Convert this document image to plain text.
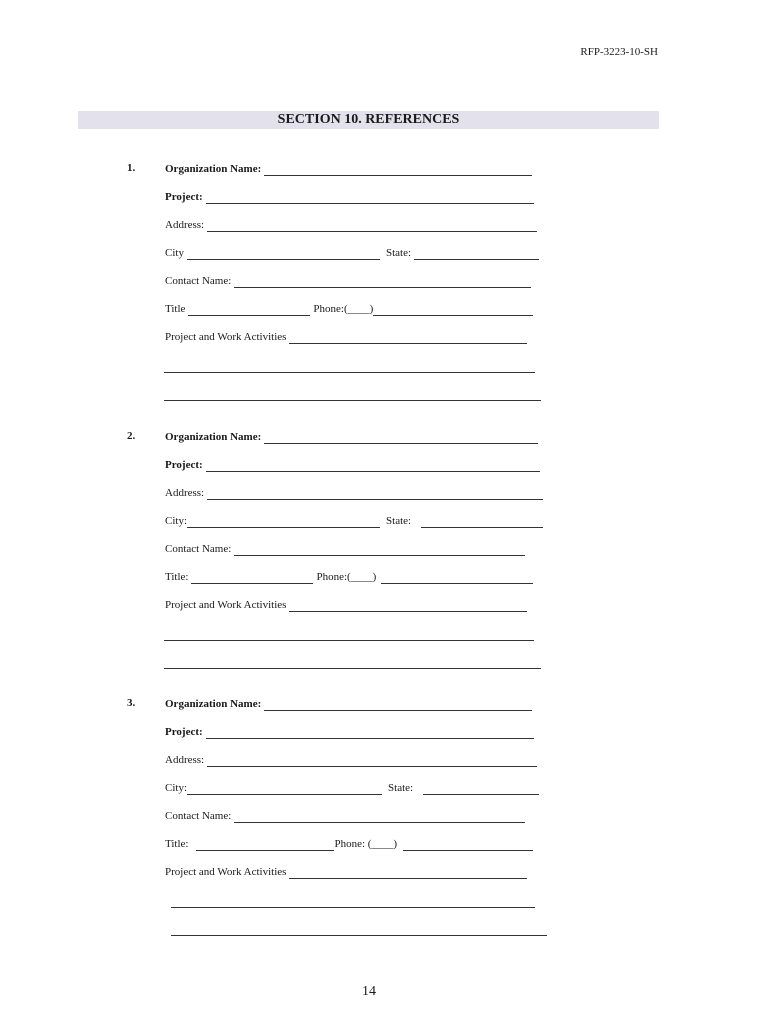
RFP-3223-10-SH
SECTION 10. REFERENCES
1.	Organization Name:
Project:
Address:
City	State:
Contact Name:
Title	Phone:(____)
Project and Work Activities
2.	Organization Name:
Project:
Address:
City:	State:
Contact Name:
Title:	Phone:(____)
Project and Work Activities
3.	Organization Name:
Project:
Address:
City:	State:
Contact Name:
Title:	Phone: (____)
Project and Work Activities
14
